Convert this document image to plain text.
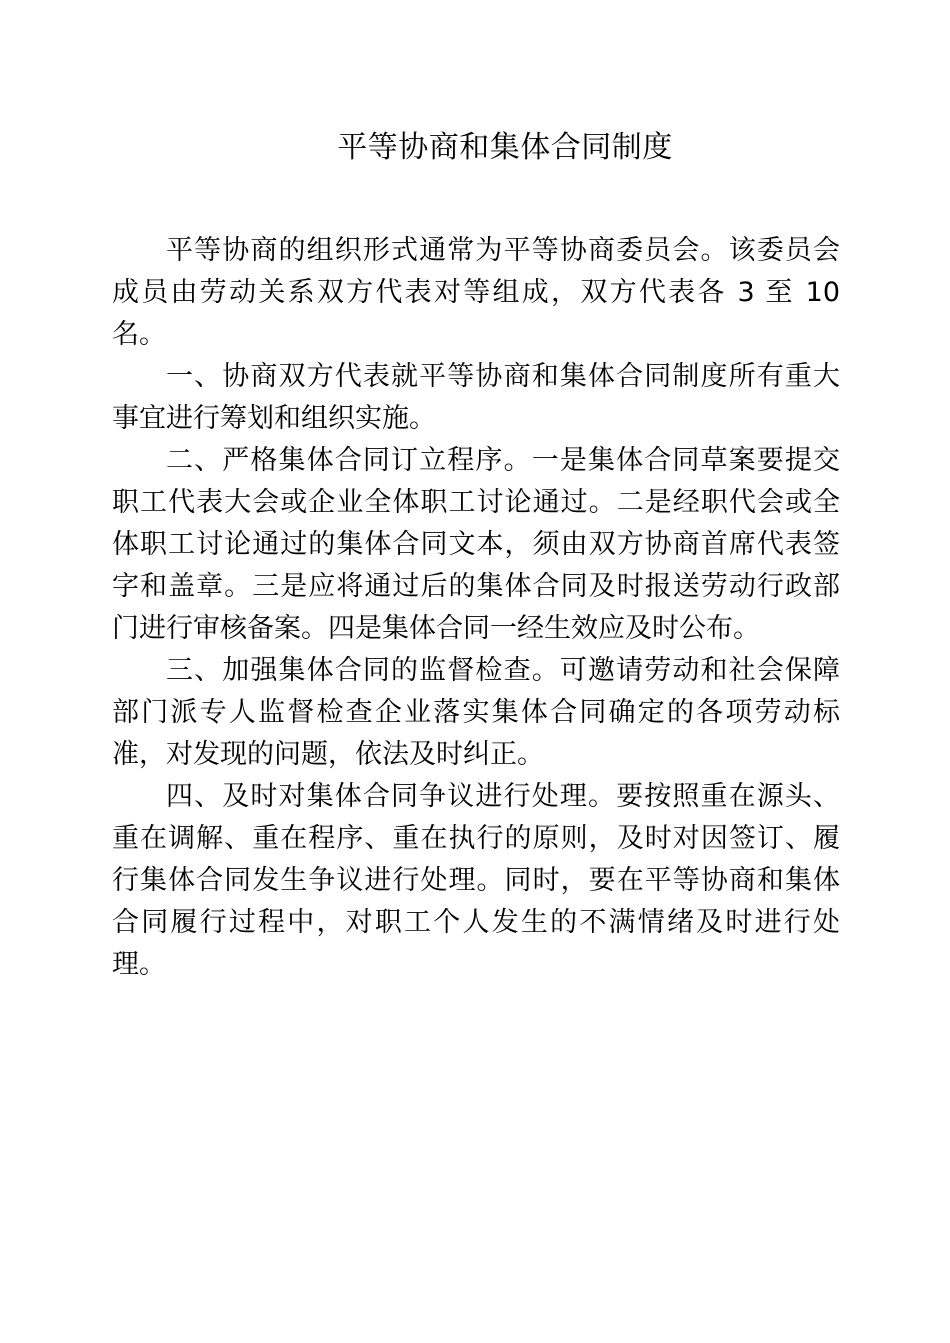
平等协商和集体合同制度

平等协商的组织形式通常为平等协商委员会。该委员会成员由劳动关系双方代表对等组成，双方代表各 3 至 10 名。

一、协商双方代表就平等协商和集体合同制度所有重大事宜进行筹划和组织实施。

二、严格集体合同订立程序。一是集体合同草案要提交职工代表大会或企业全体职工讨论通过。二是经职代会或全体职工讨论通过的集体合同文本，须由双方协商首席代表签字和盖章。三是应将通过后的集体合同及时报送劳动行政部门进行审核备案。四是集体合同一经生效应及时公布。

三、加强集体合同的监督检查。可邀请劳动和社会保障部门派专人监督检查企业落实集体合同确定的各项劳动标准，对发现的问题，依法及时纠正。

四、及时对集体合同争议进行处理。要按照重在源头、重在调解、重在程序、重在执行的原则，及时对因签订、履行集体合同发生争议进行处理。同时，要在平等协商和集体合同履行过程中，对职工个人发生的不满情绪及时进行处理。
